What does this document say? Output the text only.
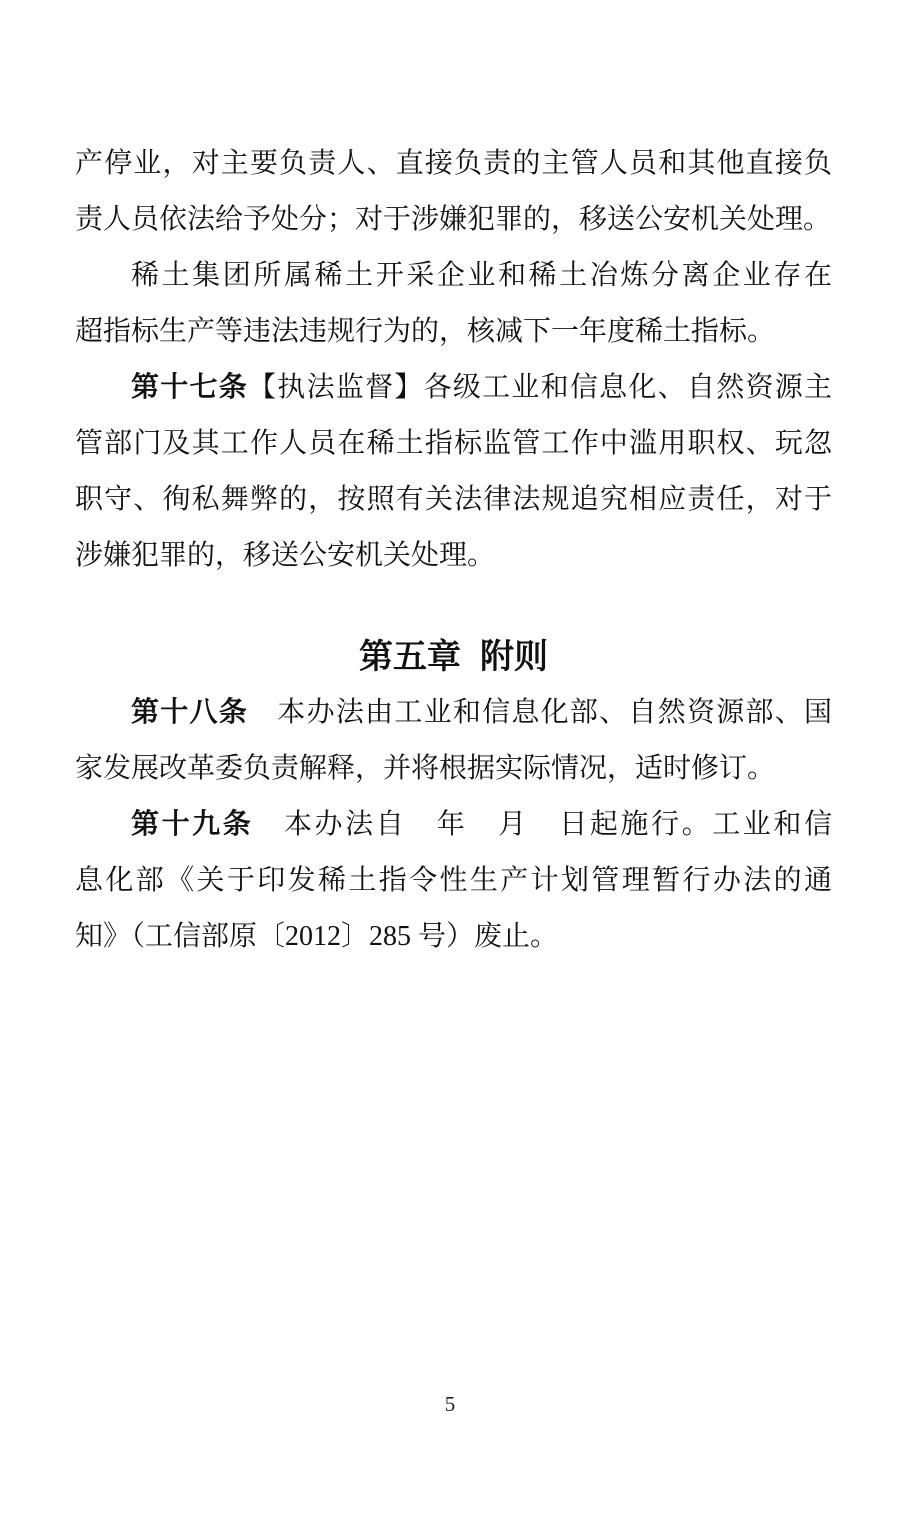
产停业，对主要负责人、直接负责的主管人员和其他直接负
责人员依法给予处分；对于涉嫌犯罪的，移送公安机关处理。
稀土集团所属稀土开采企业和稀土冶炼分离企业存在
超指标生产等违法违规行为的，核减下一年度稀土指标。
第十七条【执法监督】各级工业和信息化、自然资源主
管部门及其工作人员在稀土指标监管工作中滥用职权、玩忽
职守、徇私舞弊的，按照有关法律法规追究相应责任，对于
涉嫌犯罪的，移送公安机关处理。
第五章  附则
第十八条　本办法由工业和信息化部、自然资源部、国
家发展改革委负责解释，并将根据实际情况，适时修订。
第十九条　本办法自　年　月　日起施行。工业和信
息化部《关于印发稀土指令性生产计划管理暂行办法的通
知》（工信部原〔2012〕285 号）废止。
5
